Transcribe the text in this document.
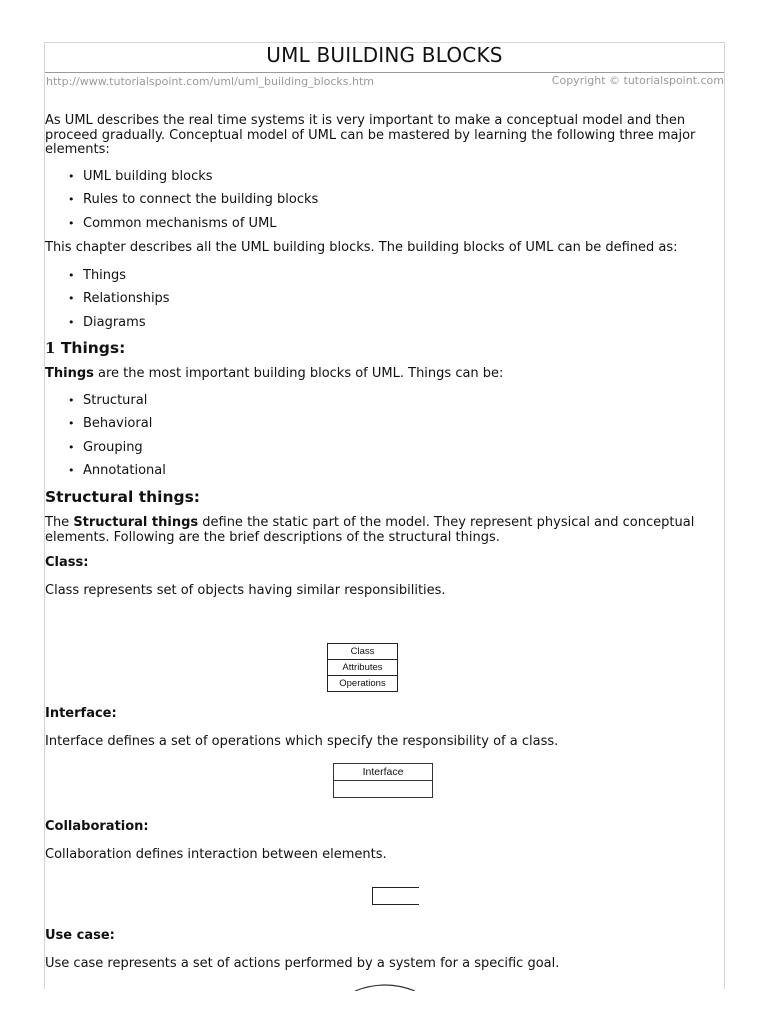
UML BUILDING BLOCKS
http://www.tutorialspoint.com/uml/uml_building_blocks.htm	Copyright © tutorialspoint.com

As UML describes the real time systems it is very important to make a conceptual model and then proceed gradually. Conceptual model of UML can be mastered by learning the following three major elements:

• UML building blocks
• Rules to connect the building blocks
• Common mechanisms of UML

This chapter describes all the UML building blocks. The building blocks of UML can be defined as:

• Things
• Relationships
• Diagrams
1 Things:

Things are the most important building blocks of UML. Things can be:

• Structural
• Behavioral
• Grouping
• Annotational
Structural things:

The Structural things define the static part of the model. They represent physical and conceptual elements. Following are the brief descriptions of the structural things.

Class:

Class represents set of objects having similar responsibilities.

Class
Attributes
Operations
Interface:

Interface defines a set of operations which specify the responsibility of a class.

Interface
Collaboration:

Collaboration defines interaction between elements.

Use case:

Use case represents a set of actions performed by a system for a specific goal.
